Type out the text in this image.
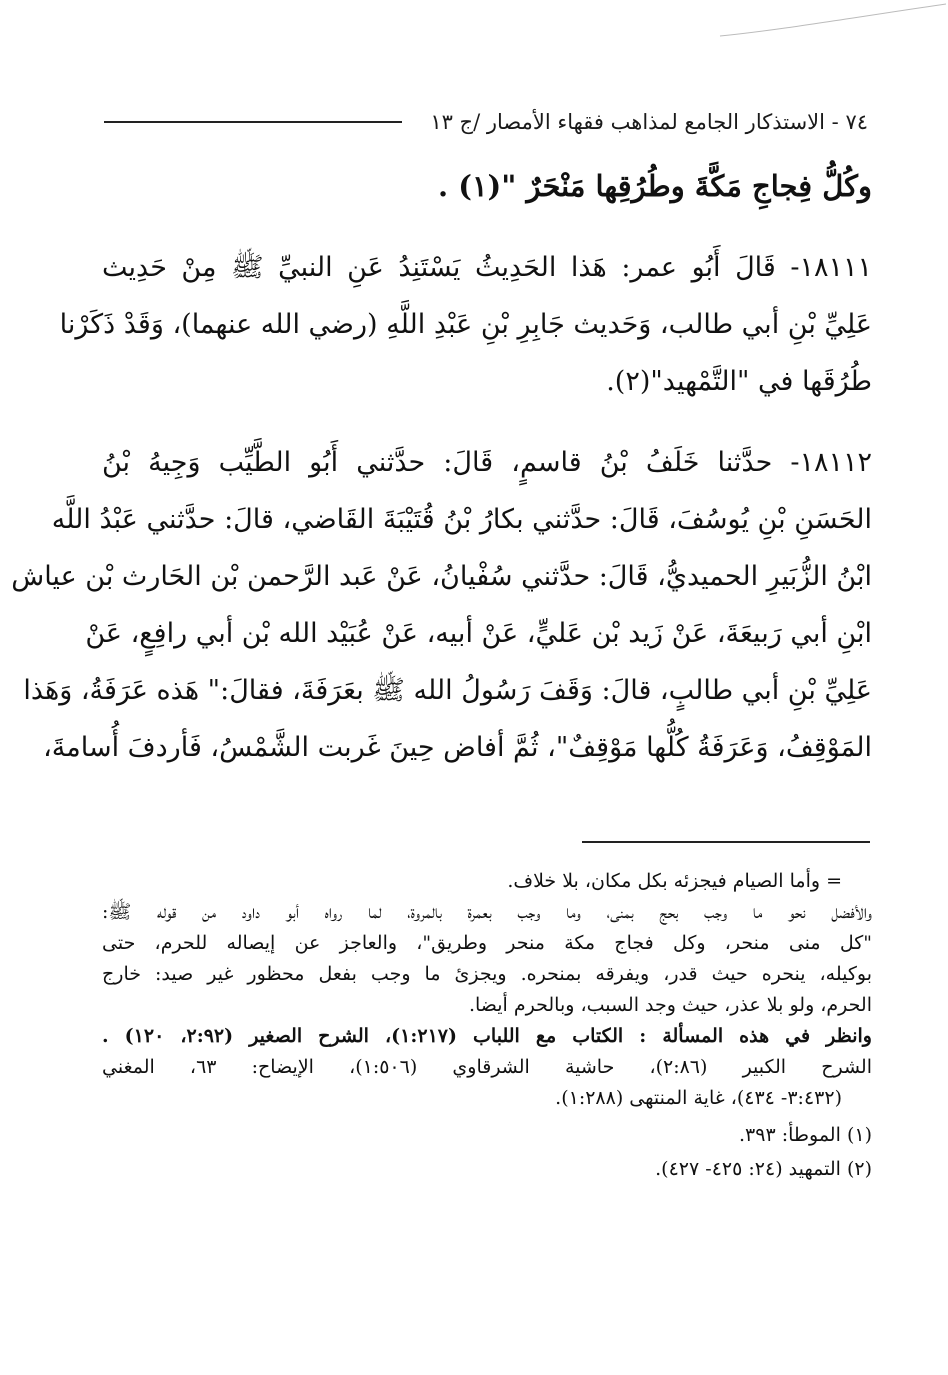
٧٤ - الاستذكار الجامع لمذاهب فقهاء الأمصار /ج ١٣
وكُلُّ فِجاجِ مَكَّةَ وطُرُقِها مَنْحَرٌ "(١) .
١٨١١١- قَالَ أَبُو عمر: هَذا الحَدِيثُ يَسْتَنِدُ عَنِ النبيِّ ﷺ مِنْ حَدِيث
عَلِيِّ بْنِ أبي طالب، وَحَديث جَابِرِ بْنِ عَبْدِ اللَّهِ (رضي الله عنهما)، وَقَدْ ذَكَرْنا
طُرُقَها في "التَّمْهيد"(٢).
١٨١١٢- حدَّثنا خَلَفُ بْنُ قاسمٍ، قَالَ: حدَّثني أَبُو الطَّيِّب وَجِيهُ بْنُ
الحَسَنِ بْنِ يُوسُفَ، قَالَ: حدَّثني بكارُ بْنُ قُتَيْبَةَ القَاضي، قالَ: حدَّثني عَبْدُ اللَّه
ابْنُ الزُّبَيرِ الحميديُّ، قَالَ: حدَّثني سُفْيانُ، عَنْ عَبد الرَّحمن بْن الحَارث بْن عياش
ابْنِ أبي رَبيعَةَ، عَنْ زَيد بْن عَليٍّ، عَنْ أبيه، عَنْ عُبَيْد الله بْن أبي رافِعٍ، عَنْ
عَلِيِّ بْنِ أبي طالبٍ، قالَ: وَقَفَ رَسُولُ الله ﷺ بعَرَفَةَ، فقالَ:" هَذه عَرَفَةُ، وَهَذا
المَوْقِفُ، وَعَرَفَةُ كُلُّها مَوْقِفٌ"، ثُمَّ أفاض حِينَ غَربت الشَّمْسُ، فَأردفَ أُسامةَ،
= وأما الصيام فيجزئه بكل مكان، بلا خلاف.
والأفضل نحو ما وجب بحج بمنى، وما وجب بعمرة بالمروة، لما رواه أبو داود من قوله ﷺ:
"كل منى منحر، وكل فجاج مكة منحر وطريق"، والعاجز عن إيصاله للحرم، حتى
بوكيله، ينحره حيث قدر، ويفرقه بمنحره. ويجزئ ما وجب بفعل محظور غير صيد: خارج
الحرم، ولو بلا عذر، حيث وجد السبب، وبالحرم أيضا.
وانظر في هذه المسألة : الكتاب مع اللباب (١:٢١٧)، الشرح الصغير (٢:٩٢، ١٢٠) .
الشرح الكبير (٢:٨٦)، حاشية الشرقاوي (١:٥٠٦)، الإيضاح: ٦٣، المغني
(٣:٤٣٢- ٤٣٤)، غاية المنتهى (١:٢٨٨).
(١) الموطأ: ٣٩٣.
(٢) التمهيد (٢٤: ٤٢٥- ٤٢٧).
